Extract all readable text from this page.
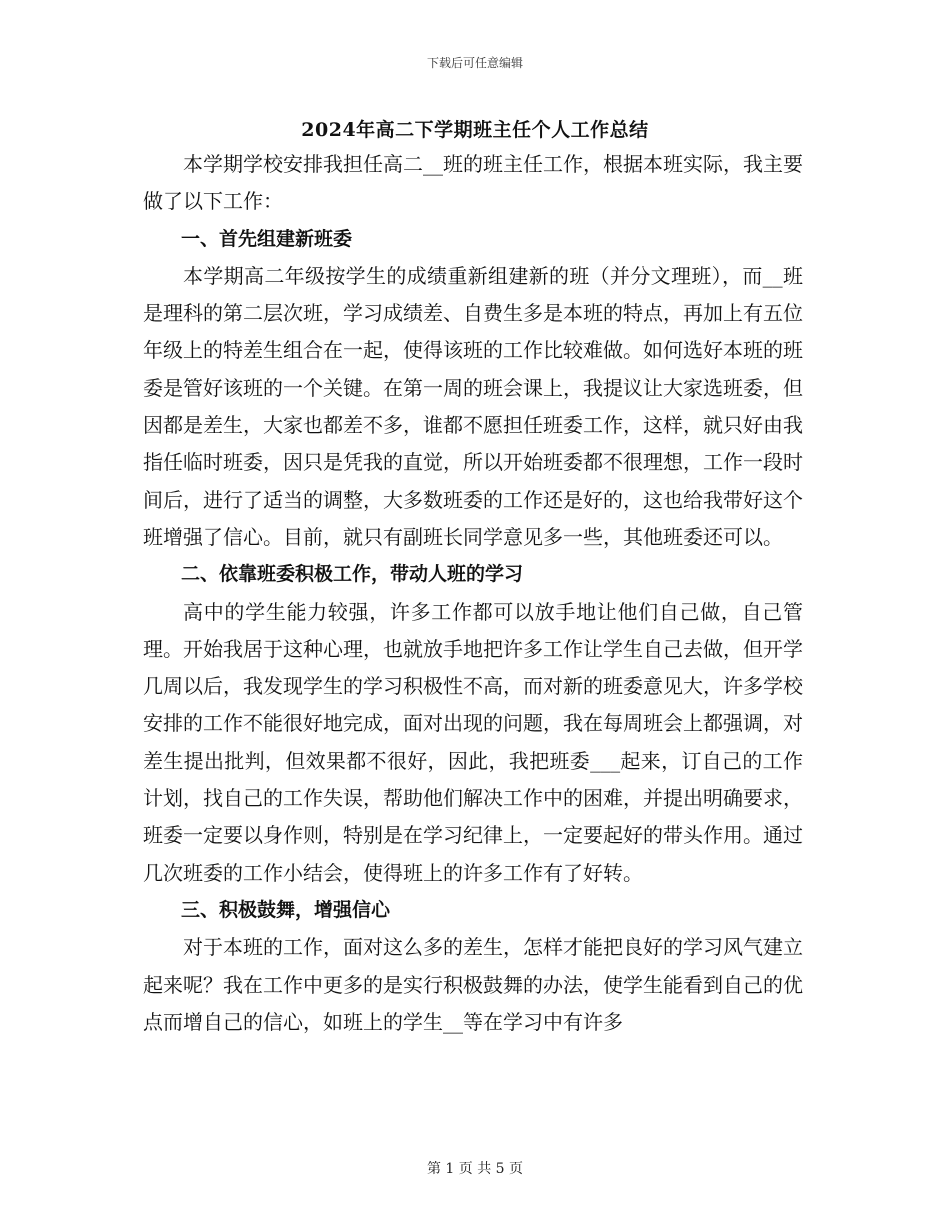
下载后可任意编辑
2024年高二下学期班主任个人工作总结

本学期学校安排我担任高二__班的班主任工作，根据本班实际，我主要做了以下工作：

一、首先组建新班委

本学期高二年级按学生的成绩重新组建新的班（并分文理班），而__班是理科的第二层次班，学习成绩差、自费生多是本班的特点，再加上有五位年级上的特差生组合在一起，使得该班的工作比较难做。如何选好本班的班委是管好该班的一个关键。在第一周的班会课上，我提议让大家选班委，但因都是差生，大家也都差不多，谁都不愿担任班委工作，这样，就只好由我指任临时班委，因只是凭我的直觉，所以开始班委都不很理想，工作一段时间后，进行了适当的调整，大多数班委的工作还是好的，这也给我带好这个班增强了信心。目前，就只有副班长同学意见多一些，其他班委还可以。

二、依靠班委积极工作，带动人班的学习

高中的学生能力较强，许多工作都可以放手地让他们自己做，自己管理。开始我居于这种心理，也就放手地把许多工作让学生自己去做，但开学几周以后，我发现学生的学习积极性不高，而对新的班委意见大，许多学校安排的工作不能很好地完成，面对出现的问题，我在每周班会上都强调，对差生提出批判，但效果都不很好，因此，我把班委___起来，订自己的工作计划，找自己的工作失误，帮助他们解决工作中的困难，并提出明确要求，班委一定要以身作则，特别是在学习纪律上，一定要起好的带头作用。通过几次班委的工作小结会，使得班上的许多工作有了好转。

三、积极鼓舞，增强信心

对于本班的工作，面对这么多的差生，怎样才能把良好的学习风气建立起来呢？我在工作中更多的是实行积极鼓舞的办法，使学生能看到自己的优点而增自己的信心，如班上的学生__等在学习中有许多

第 1 页 共 5 页
